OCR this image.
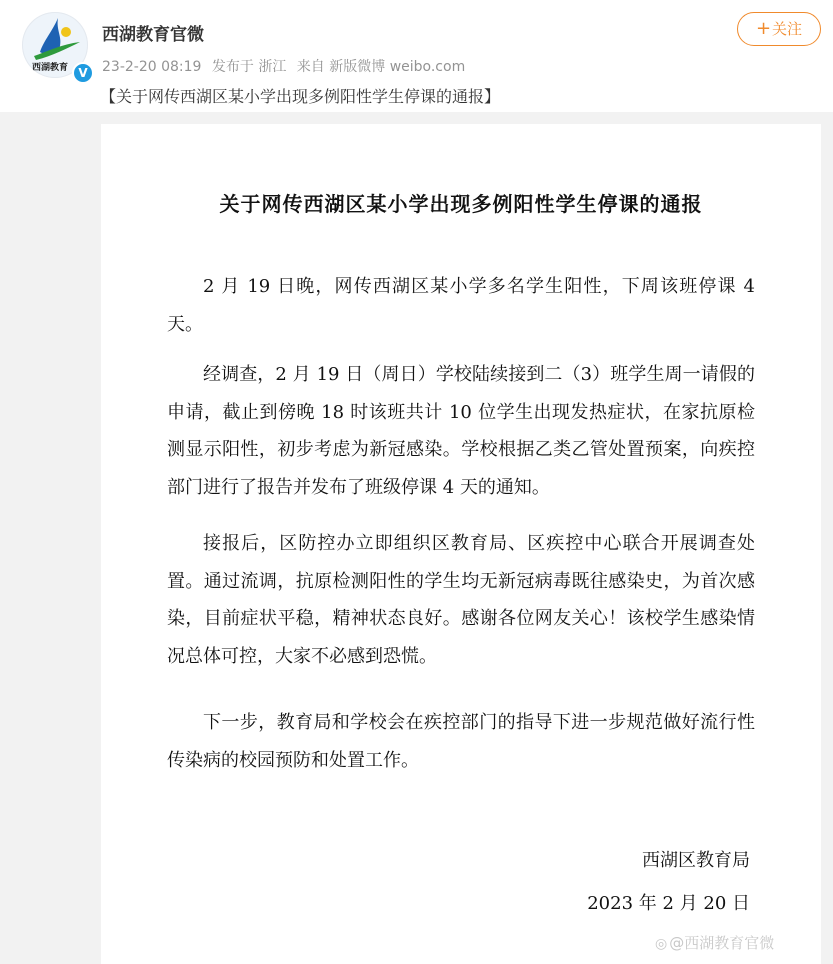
西湖教育 V
西湖教育官微
23-2-20 08:19 发布于 浙江 来自 新版微博 weibo.com
+关注
【关于网传西湖区某小学出现多例阳性学生停课的通报】
关于网传西湖区某小学出现多例阳性学生停课的通报

2 月 19 日晚，网传西湖区某小学多名学生阳性，下周该班停课 4 天。

经调查，2 月 19 日（周日）学校陆续接到二（3）班学生周一请假的申请，截止到傍晚 18 时该班共计 10 位学生出现发热症状，在家抗原检测显示阳性，初步考虑为新冠感染。学校根据乙类乙管处置预案，向疾控部门进行了报告并发布了班级停课 4 天的通知。

接报后，区防控办立即组织区教育局、区疾控中心联合开展调查处置。通过流调，抗原检测阳性的学生均无新冠病毒既往感染史，为首次感染，目前症状平稳，精神状态良好。感谢各位网友关心！该校学生感染情况总体可控，大家不必感到恐慌。

下一步，教育局和学校会在疾控部门的指导下进一步规范做好流行性传染病的校园预防和处置工作。

西湖区教育局
2023 年 2 月 20 日
◎ @西湖教育官微
